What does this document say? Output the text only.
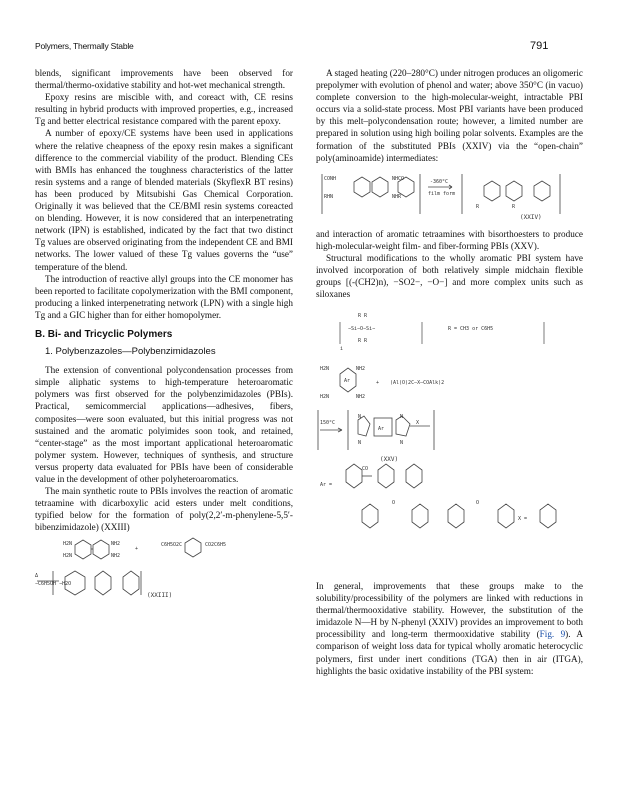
Polymers, Thermally Stable	791

blends, significant improvements have been observed for thermal/thermo-oxidative stability and hot-wet mechanical strength.

Epoxy resins are miscible with, and coreact with, CE resins resulting in hybrid products with improved properties, e.g., increased Tg and better electrical resistance compared with the parent epoxy.

A number of epoxy/CE systems have been used in applications where the relative cheapness of the epoxy resin makes a significant difference to the commercial viability of the product. Blending CEs with BMIs has enhanced the toughness characteristics of the latter resin systems and a range of blended materials (SkyflexR BT resins) has been produced by Mitsubishi Gas Chemical Corporation. Originally it was believed that the CE/BMI resin systems coreacted on blending. However, it is now considered that an interpenetrating network (IPN) is established, indicated by the fact that two distinct Tg values are observed originating from the independent CE and BMI networks. The lower valued of these Tg values governs the “use” temperature of the blend.

The introduction of reactive allyl groups into the CE monomer has been reported to facilitate copolymerization with the BMI component, producing a linked interpenetrating network (LPN) with a single high Tg and a GIC higher than for either homopolymer.

B. Bi- and Tricyclic Polymers
1. Polybenzazoles—Polybenzimidazoles

The extension of conventional polycondensation processes from simple aliphatic systems to high-temperature heteroaromatic polymers was first observed for the polybenzimidazoles (PBIs). Practical, semicommercial applications—adhesives, fibers, composites—were soon evaluated, but this initial progress was not sustained and the aromatic polyimides soon took, and retained, “center-stage” as the most important applicational heteroaromatic polymer system. However, techniques of synthesis, and structure versus property data evaluated for PBIs have been of considerable value in the development of other polyheteroaromatics.

The main synthetic route to PBIs involves the reaction of aromatic tetraamine with dicarboxylic acid esters under melt conditions, typified below for the formation of poly(2,2′-m-phenylene-5,5′-bibenzimidazole) (XXIII)

H2N	NH2
H2N	NH2
+
C6H5O2C	CO2C6H5
Δ
−C6H5OH −H2O
(XXIII)

A staged heating (220–280°C) under nitrogen produces an oligomeric prepolymer with evolution of phenol and water; above 350°C (in vacuo) complete conversion to the high-molecular-weight, intractable PBI occurs via a solid-state process. Most PBI variants have been produced by this melt–polycondensation route; however, a limited number are prepared in solution using high boiling polar solvents. Examples are the formation of the substituted PBIs (XXIV) via the “open-chain” poly(aminoamide) intermediates:

CONH	NHCO
RHN	NHR
-360°C
film form
R	R
(XXIV)

and interaction of aromatic tetraamines with bisorthoesters to produce high-molecular-weight film- and fiber-forming PBIs (XXV).

Structural modifications to the wholly aromatic PBI system have involved incorporation of both relatively simple midchain flexible groups [(-(CH2)n), −SO2−, −O−] and more complex units such as siloxanes

R R
−Si−O−Si−
R R
i
R = CH3 or C6H5
H2N	NH2
Ar
H2N	NH2
+ (Al(O)2C—X—COAlk)2
150°C
Ar
N	N
N	N
X
(XXV)
Ar =
CO
O	O
X =

In general, improvements that these groups make to the solubility/processibility of the polymers are linked with reductions in thermal/thermooxidative stability. However, the substitution of the imidazole N—H by N-phenyl (XXIV) provides an improvement to both processibility and long-term thermooxidative stability (Fig. 9). A comparison of weight loss data for typical wholly aromatic heterocyclic polymers, first under inert conditions (TGA) then in air (ITGA), highlights the basic oxidative instability of the PBI system:
